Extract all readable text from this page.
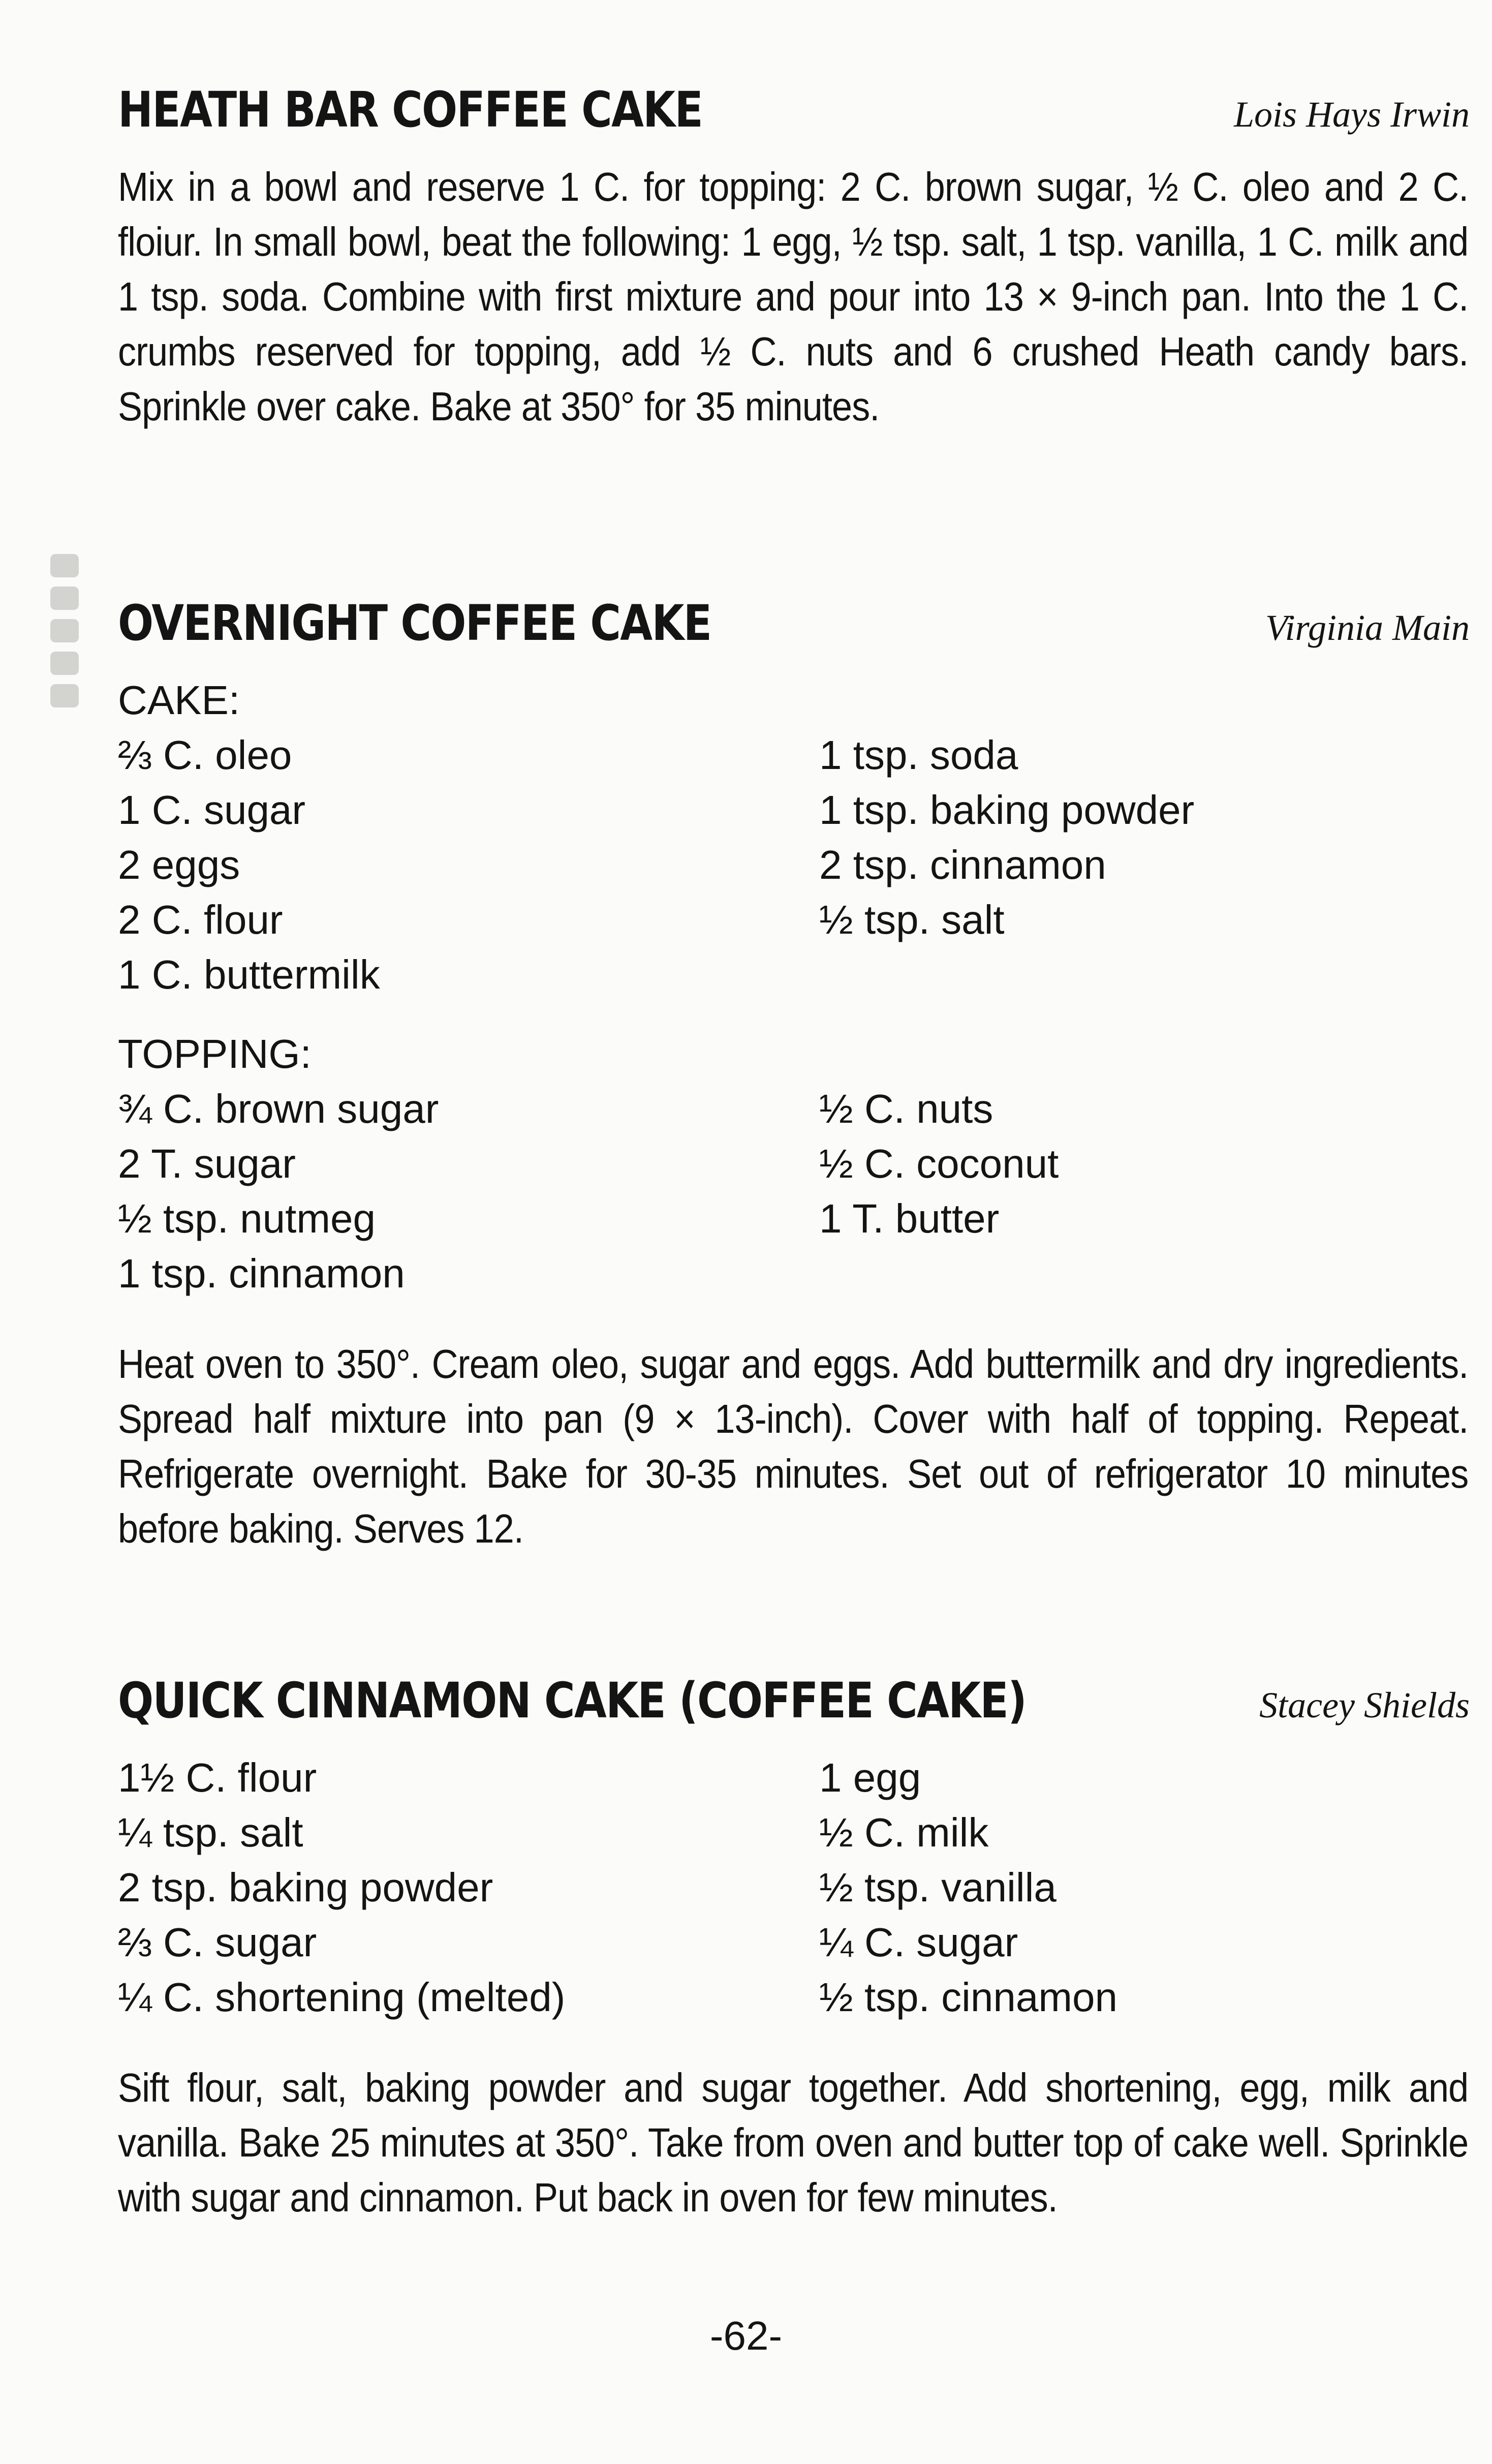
HEATH BAR COFFEE CAKE	Lois Hays Irwin
Mix in a bowl and reserve 1 C. for topping: 2 C. brown sugar, ½ C. oleo and 2 C. floiur. In small bowl, beat the following: 1 egg, ½ tsp. salt, 1 tsp. vanilla, 1 C. milk and 1 tsp. soda. Combine with first mixture and pour into 13 × 9-inch pan. Into the 1 C. crumbs reserved for topping, add ½ C. nuts and 6 crushed Heath candy bars. Sprinkle over cake. Bake at 350° for 35 minutes.
OVERNIGHT COFFEE CAKE	Virginia Main
CAKE:
⅔ C. oleo	1 tsp. soda
1 C. sugar	1 tsp. baking powder
2 eggs	2 tsp. cinnamon
2 C. flour	½ tsp. salt
1 C. buttermilk
TOPPING:
¾ C. brown sugar	½ C. nuts
2 T. sugar	½ C. coconut
½ tsp. nutmeg	1 T. butter
1 tsp. cinnamon
Heat oven to 350°. Cream oleo, sugar and eggs. Add buttermilk and dry ingredients. Spread half mixture into pan (9 × 13-inch). Cover with half of topping. Repeat. Refrigerate overnight. Bake for 30-35 minutes. Set out of refrigerator 10 minutes before baking. Serves 12.
QUICK CINNAMON CAKE (COFFEE CAKE)	Stacey Shields
1½ C. flour	1 egg
¼ tsp. salt	½ C. milk
2 tsp. baking powder	½ tsp. vanilla
⅔ C. sugar	¼ C. sugar
¼ C. shortening (melted)	½ tsp. cinnamon
Sift flour, salt, baking powder and sugar together. Add shortening, egg, milk and vanilla. Bake 25 minutes at 350°. Take from oven and butter top of cake well. Sprinkle with sugar and cinnamon. Put back in oven for few minutes.
-62-
